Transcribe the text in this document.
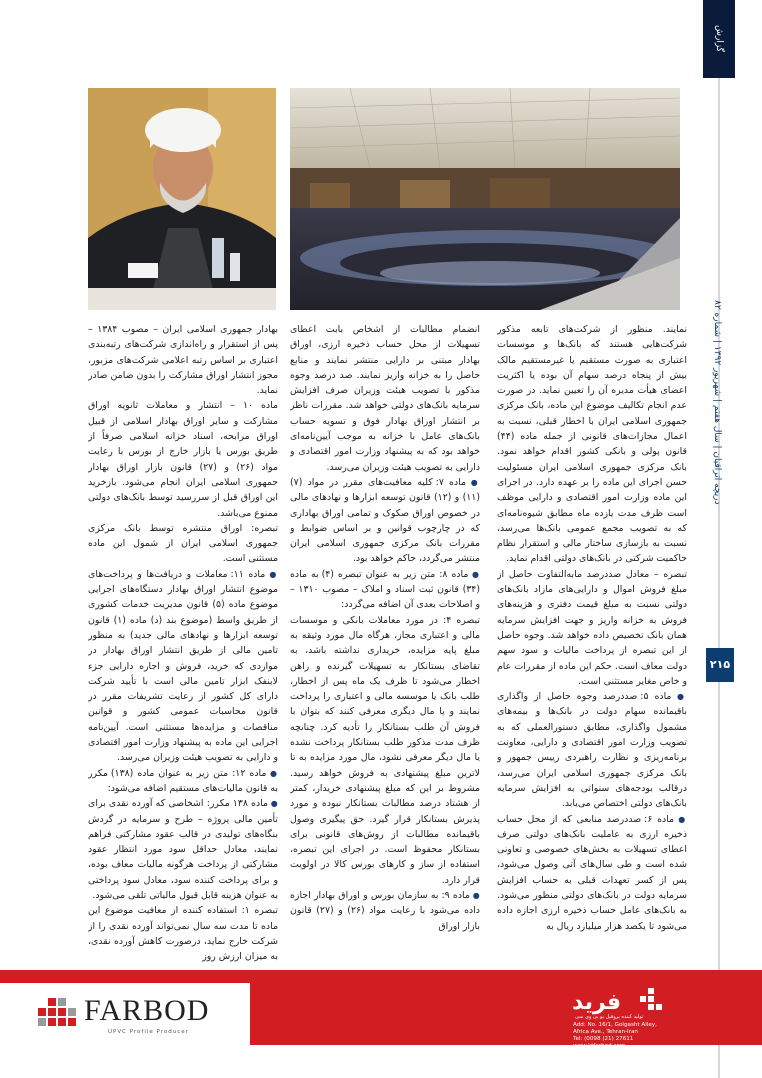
گزارش
دریچه اتراقیان | سال هفتم | شهریور ۱۳۹۲ | شماره ۸۲
۲۱۵

نمایند. منظور از شرکت‌های تابعه مذکور شرکت‌هایی هستند که بانک‌ها و موسسات اعتباری به صورت مستقیم یا غیرمستقیم مالک بیش از پنجاه درصد سهام آن بوده یا اکثریت اعضای هیأت مدیره آن را تعیین نماید. در صورت عدم انجام تکالیف موضوع این ماده، بانک مرکزی جمهوری اسلامی ایران با اخطار قبلی، نسبت به اعمال مجازات‌های قانونی از جمله ماده (۴۴) قانون پولی و بانکی کشور اقدام خواهد نمود. بانک مرکزی جمهوری اسلامی ایران مسئولیت حسن اجرای این ماده را بر عهده دارد. در اجرای این ماده وزارت امور اقتصادی و دارایی موظف است ظرف مدت یازده ماه مطابق شیوه‌نامه‌ای که به تصویب مجمع عمومی بانک‌ها می‌رسد، نسبت به بازسازی ساختار مالی و استقرار نظام حاکمیت شرکتی در بانک‌های دولتی اقدام نماید.

تبصره – معادل صددرصد مابه‌التفاوت حاصل از مبلغ فروش اموال و دارایی‌های مازاد بانک‌های دولتی نسبت به مبلغ قیمت دفتری و هزینه‌های فروش به خزانه واریز و جهت افزایش سرمایه همان بانک تخصیص داده خواهد شد. وجوه حاصل از این تبصره از پرداخت مالیات و سود سهم دولت معاف است. حکم این ماده از مقررات عام و خاص مغایر مستثنی است.

● ماده ۵: صددرصد وجوه حاصل از واگذاری باقیمانده سهام دولت در بانک‌ها و بیمه‌های مشمول واگذاری، مطابق دستورالعملی که به تصویب وزارت امور اقتصادی و دارایی، معاونت برنامه‌ریزی و نظارت راهبردی رییس جمهور و بانک مرکزی جمهوری اسلامی ایران می‌رسد، درقالب بودجه‌های سنواتی به افزایش سرمایه بانک‌های دولتی اختصاص می‌یابد.

● ماده ۶: صددرصد منابعی که از محل حساب ذخیره ارزی به عاملیت بانک‌های دولتی صرف اعطای تسهیلات به بخش‌های خصوصی و تعاونی شده است و طی سال‌های آتی وصول می‌شود، پس از کسر تعهدات قبلی به حساب افزایش سرمایه دولت در بانک‌های دولتی منظور می‌شود. به بانک‌های عامل حساب ذخیره ارزی اجازه داده می‌شود تا یکصد هزار میلیارد ریال به

انضمام مطالبات از اشخاص بابت اعطای تسهیلات از محل حساب ذخیره ارزی، اوراق بهادار مبتنی بر دارایی منتشر نمایند و منابع حاصل را به خزانه واریز نمایند. صد درصد وجوه مذکور با تصویب هیئت وزیران صرف افزایش سرمایه بانک‌های دولتی خواهد شد. مقررات ناظر بر انتشار اوراق بهادار فوق و تسویه حساب بانک‌های عامل با خزانه به موجب آیین‌نامه‌ای خواهد بود که به پیشنهاد وزارت امور اقتصادی و دارایی به تصویب هیئت وزیران می‌رسد.

● ماده ۷: کلیه معافیت‌های مقرر در مواد (۷) (۱۱) و (۱۲) قانون توسعه ابزارها و نهادهای مالی در خصوص اوراق صکوک و تمامی اوراق بهاداری که در چارچوب قوانین و بر اساس ضوابط و مقررات بانک مرکزی جمهوری اسلامی ایران منتشر می‌گردد، حاکم خواهد بود.

● ماده ۸: متن زیر به عنوان تبصره (۴) به ماده (۳۴) قانون ثبت اسناد و املاک – مصوب ۱۳۱۰ – و اصلاحات بعدی آن اضافه می‌گردد:

تبصره ۴: در مورد معاملات بانکی و موسسات مالی و اعتباری مجاز، هرگاه مال مورد وثیقه به مبلغ پایه مزایده، خریداری نداشته باشد، به تقاضای بستانکار به تسهیلات گیرنده و راهن اخطار می‌شود تا ظرف یک ماه پس از اخطار، طلب بانک یا موسسه مالی و اعتباری را پرداخت نمایند و یا مال دیگری معرفی کنند که بتوان با فروش آن طلب بستانکار را تأدیه کرد. چنانچه ظرف مدت مذکور طلب بستانکار پرداخت نشده یا مال دیگر معرفی نشود، مال مورد مزایده به تا لاترین مبلغ پیشنهادی به فروش خواهد رسید. مشروط بر این که مبلغ پیشنهادی خریدار، کمتر از هشتاد درصد مطالبات بستانکار نبوده و مورد پذیرش بستانکار قرار گیرد. حق پیگیری وصول باقیمانده مطالبات از روش‌های قانونی برای بستانکار محفوظ است. در اجرای این تبصره، استفاده از ساز و کارهای بورس کالا در اولویت قرار دارد.

● ماده ۹: به سازمان بورس و اوراق بهادار اجازه داده می‌شود با رعایت مواد (۲۶) و (۲۷) قانون بازار اوراق

بهادار جمهوری اسلامی ایران – مصوب ۱۳۸۴ – پس از استقرار و راه‌اندازی شرکت‌های رتبه‌بندی اعتباری بر اساس رتبه اعلامی شرکت‌های مزبور، مجوز انتشار اوراق مشارکت را بدون ضامن صادر نماید.

ماده ۱۰ – انتشار و معاملات ثانویه اوراق مشارکت و سایر اوراق بهادار اسلامی از قبیل اوراق مرابحه، اسناد خزانه اسلامی صرفاً از طریق بورس یا بازار خارج از بورس با رعایت مواد (۲۶) و (۲۷) قانون بازار اوراق بهادار جمهوری اسلامی ایران انجام می‌شود. بازخرید این اوراق قبل از سررسید توسط بانک‌های دولتی ممنوع می‌باشد.

تبصره: اوراق منتشره توسط بانک مرکزی جمهوری اسلامی ایران از شمول این ماده مستثنی است.

● ماده ۱۱: معاملات و دریافت‌ها و پرداخت‌های موضوع انتشار اوراق بهادار دستگاه‌های اجرایی موضوع ماده (۵) قانون مدیریت خدمات کشوری از طریق واسط (موضوع بند (د) ماده (۱) قانون توسعه ابزارها و نهادهای مالی جدید) به منظور تامین مالی از طریق انتشار اوراق بهادار در مواردی که خرید، فروش و اجاره دارایی جزء لاینفک ابزار تامین مالی است با تأیید شرکت دارای کل کشور از رعایت تشریفات مقرر در قانون محاسبات عمومی کشور و قوانین مناقصات و مزایده‌ها مستثنی است. آیین‌نامه اجرایی این ماده به پیشنهاد وزارت امور اقتصادی و دارایی به تصویب هیئت وزیران می‌رسد.

● ماده ۱۲: متن زیر به عنوان ماده (۱۳۸) مکرر به قانون مالیات‌های مستقیم اضافه می‌شود:

● ماده ۱۳۸ مکرر: اشخاصی که آورده نقدی برای تأمین مالی پروژه – طرح و سرمایه در گردش بنگاه‌های تولیدی در قالب عقود مشارکتی فراهم نمایند، معادل حداقل سود مورد انتظار عقود مشارکتی از پرداخت هرگونه مالیات معاف بوده، و برای پرداخت کننده سود، معادل سود پرداختی به عنوان هزینه قابل قبول مالیاتی تلقی می‌شود.

تبصره ۱: استفاده کننده از معافیت موضوع این ماده تا مدت سه سال نمی‌تواند آورده نقدی را از شرکت خارج نماید، درصورت کاهش آورده نقدی، به میزان ارزش روز

FARBOD
UPVC Profile Producer
فرید
تولید کننده پروفیل یو پی وی سی
Add: No. 16/1, Golgasht Alley,
Africa Ave., Tehran-Iran
Tel: (0098 (21) 27611
www.ktfarbod.com
